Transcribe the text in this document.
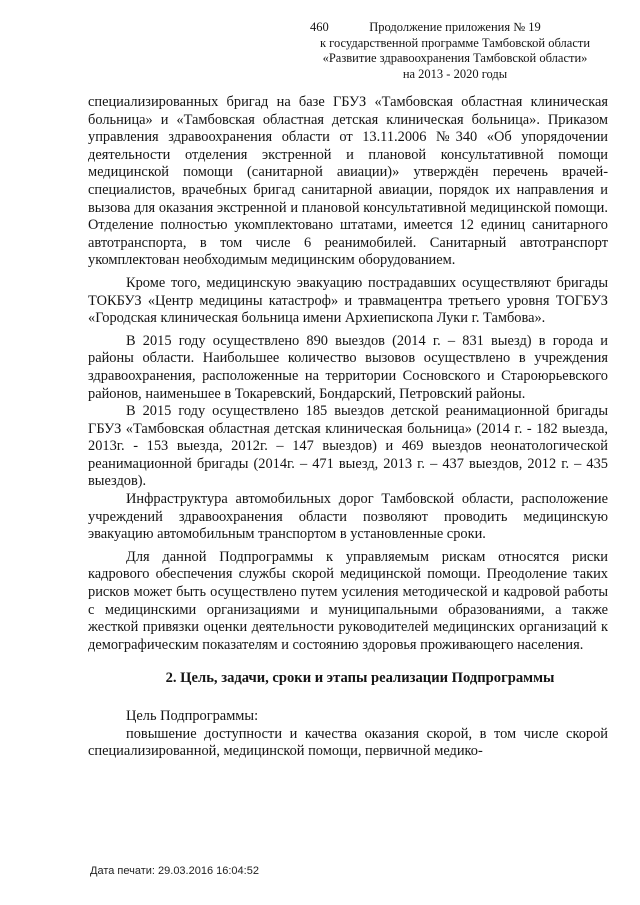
460	Продолжение приложения № 19
к государственной программе Тамбовской области
«Развитие здравоохранения Тамбовской области»
на 2013 - 2020 годы

специализированных бригад на базе ГБУЗ «Тамбовская областная клиническая больница» и «Тамбовская областная детская клиническая больница». Приказом управления здравоохранения области от 13.11.2006 №340 «Об упорядочении деятельности отделения экстренной и плановой консультативной помощи медицинской помощи (санитарной авиации)» утверждён перечень врачей-специалистов, врачебных бригад санитарной авиации, порядок их направления и вызова для оказания экстренной и плановой консультативной медицинской помощи. Отделение полностью укомплектовано штатами, имеется 12 единиц санитарного автотранспорта, в том числе 6 реанимобилей. Санитарный автотранспорт укомплектован необходимым медицинским оборудованием.

Кроме того, медицинскую эвакуацию пострадавших осуществляют бригады ТОКБУЗ «Центр медицины катастроф» и травмацентра третьего уровня ТОГБУЗ «Городская клиническая больница имени Архиепископа Луки г. Тамбова».

В 2015 году осуществлено 890 выездов (2014 г. – 831 выезд) в города и районы области. Наибольшее количество вызовов осуществлено в учреждения здравоохранения, расположенные на территории Сосновского и Староюрьевского районов, наименьшее в Токаревский, Бондарский, Петровский районы.

В 2015 году осуществлено 185 выездов детской реанимационной бригады ГБУЗ «Тамбовская областная детская клиническая больница» (2014 г. - 182 выезда, 2013г. - 153 выезда, 2012г. – 147 выездов) и 469 выездов неонатологической реанимационной бригады (2014г. – 471 выезд, 2013 г. – 437 выездов, 2012 г. – 435 выездов).

Инфраструктура автомобильных дорог Тамбовской области, расположение учреждений здравоохранения области позволяют проводить медицинскую эвакуацию автомобильным транспортом в установленные сроки.

Для данной Подпрограммы к управляемым рискам относятся риски кадрового обеспечения службы скорой медицинской помощи. Преодоление таких рисков может быть осуществлено путем усиления методической и кадровой работы с медицинскими организациями и муниципальными образованиями, а также жесткой привязки оценки деятельности руководителей медицинских организаций к демографическим показателям и состоянию здоровья проживающего населения.

2. Цель, задачи, сроки и этапы реализации Подпрограммы

Цель Подпрограммы:

повышение доступности и качества оказания скорой, в том числе скорой специализированной, медицинской помощи, первичной медико-

Дата печати: 29.03.2016 16:04:52
